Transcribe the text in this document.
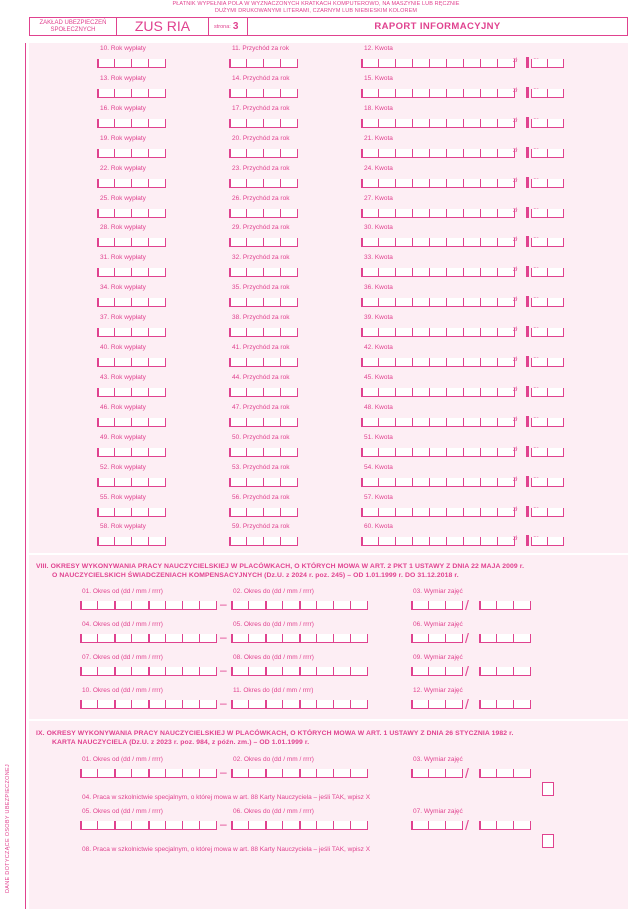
PŁATNIK WYPEŁNIA POLA W WYZNACZONYCH KRATKACH KOMPUTEROWO, NA MASZYNIE LUB RĘCZNIE
DUŻYMI DRUKOWANYMI LITERAMI, CZARNYM LUB NIEBIESKIM KOLOREM
ZAKŁAD UBEZPIECZEŃ SPOŁECZNYCH	ZUS RIA	strona: 3	RAPORT INFORMACYJNY
DANE DOTYCZĄCE OSOBY UBEZPIECZONEJ
10. Rok wypłaty	11. Przychód za rok	12. Kwota
zł
13. Rok wypłaty	14. Przychód za rok	15. Kwota
zł
16. Rok wypłaty	17. Przychód za rok	18. Kwota
zł
19. Rok wypłaty	20. Przychód za rok	21. Kwota
zł
22. Rok wypłaty	23. Przychód za rok	24. Kwota
zł
25. Rok wypłaty	26. Przychód za rok	27. Kwota
zł
28. Rok wypłaty	29. Przychód za rok	30. Kwota
zł
31. Rok wypłaty	32. Przychód za rok	33. Kwota
zł
34. Rok wypłaty	35. Przychód za rok	36. Kwota
zł
37. Rok wypłaty	38. Przychód za rok	39. Kwota
zł
40. Rok wypłaty	41. Przychód za rok	42. Kwota
zł
43. Rok wypłaty	44. Przychód za rok	45. Kwota
zł
46. Rok wypłaty	47. Przychód za rok	48. Kwota
zł
49. Rok wypłaty	50. Przychód za rok	51. Kwota
zł
52. Rok wypłaty	53. Przychód za rok	54. Kwota
zł
55. Rok wypłaty	56. Przychód za rok	57. Kwota
zł
58. Rok wypłaty	59. Przychód za rok	60. Kwota
zł
VIII. OKRESY WYKONYWANIA PRACY NAUCZYCIELSKIEJ W PLACÓWKACH, O KTÓRYCH MOWA W ART. 2 PKT 1 USTAWY Z DNIA 22 MAJA 2009 r.
O NAUCZYCIELSKICH ŚWIADCZENIACH KOMPENSACYJNYCH (Dz.U. z 2024 r. poz. 245) – OD 1.01.1999 r. DO 31.12.2018 r.
01. Okres od (dd / mm / rrrr)	02. Okres do (dd / mm / rrrr)	03. Wymiar zajęć
–	/
04. Okres od (dd / mm / rrrr)	05. Okres do (dd / mm / rrrr)	06. Wymiar zajęć
–	/
07. Okres od (dd / mm / rrrr)	08. Okres do (dd / mm / rrrr)	09. Wymiar zajęć
–	/
10. Okres od (dd / mm / rrrr)	11. Okres do (dd / mm / rrrr)	12. Wymiar zajęć
–	/
IX. OKRESY WYKONYWANIA PRACY NAUCZYCIELSKIEJ W PLACÓWKACH, O KTÓRYCH MOWA W ART. 1 USTAWY Z DNIA 26 STYCZNIA 1982 r.
KARTA NAUCZYCIELA (Dz.U. z 2023 r. poz. 984, z późn. zm.) – OD 1.01.1999 r.
01. Okres od (dd / mm / rrrr)	02. Okres do (dd / mm / rrrr)	03. Wymiar zajęć
–	/
04. Praca w szkolnictwie specjalnym, o której mowa w art. 88 Karty Nauczyciela – jeśli TAK, wpisz X
05. Okres od (dd / mm / rrrr)	06. Okres do (dd / mm / rrrr)	07. Wymiar zajęć
–	/
08. Praca w szkolnictwie specjalnym, o której mowa w art. 88 Karty Nauczyciela – jeśli TAK, wpisz X
